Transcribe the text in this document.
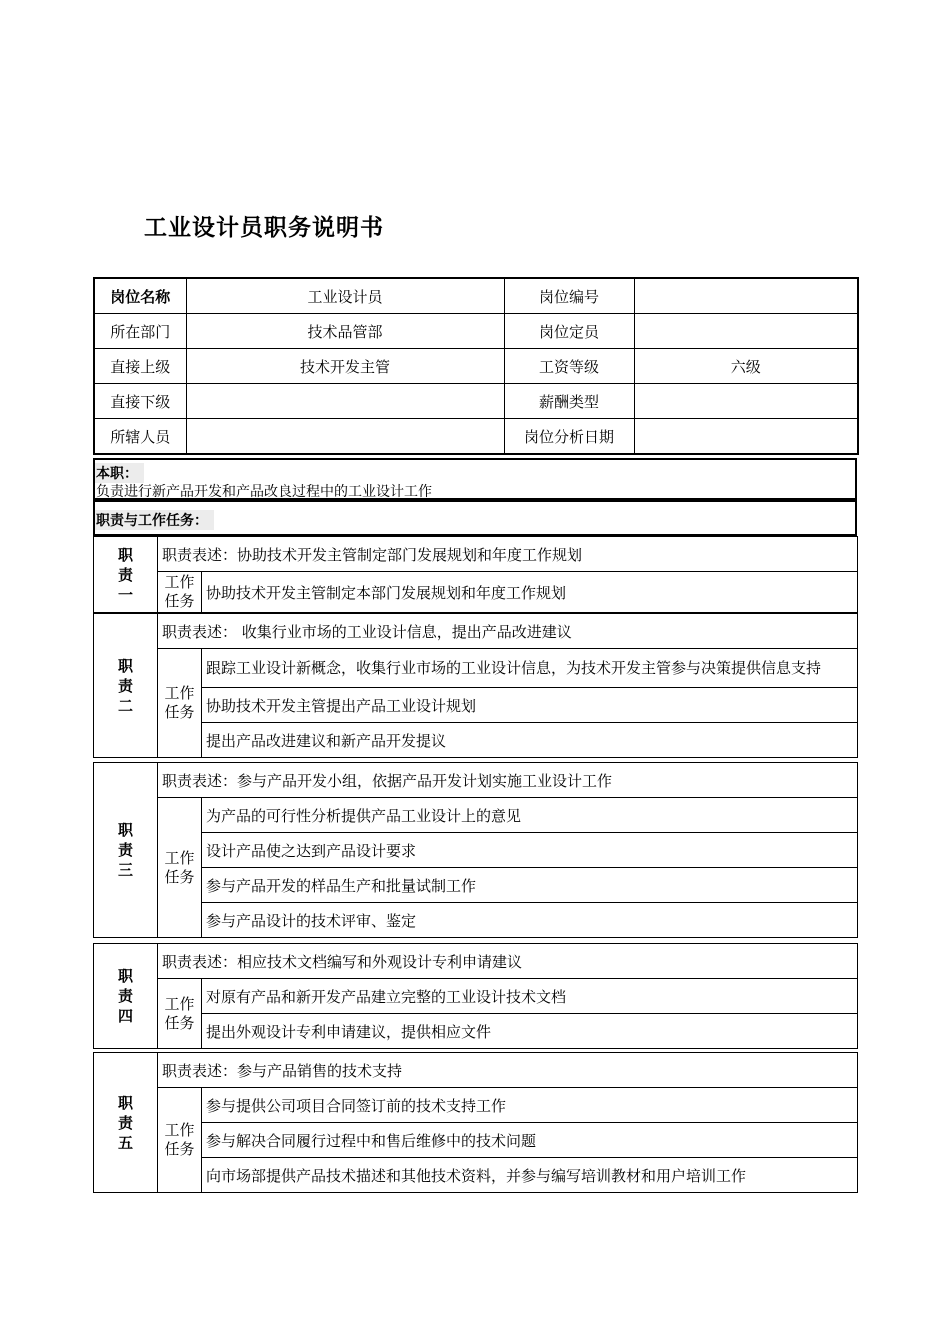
工业设计员职务说明书
岗位名称	工业设计员	岗位编号	
所在部门	技术品管部	岗位定员	
直接上级	技术开发主管	工资等级	六级
直接下级		薪酬类型	
所辖人员		岗位分析日期	
本职：
负责进行新产品开发和产品改良过程中的工业设计工作
职责与工作任务：
职
责
一	职责表述：协助技术开发主管制定部门发展规划和年度工作规划	
	工作
任务	协助技术开发主管制定本部门发展规划和年度工作规划
职
责
二	职责表述： 收集行业市场的工业设计信息，提出产品改进建议	
	工作
任务	跟踪工业设计新概念，收集行业市场的工业设计信息，为技术开发主管参与决策提供信息支持
		协助技术开发主管提出产品工业设计规划
		提出产品改进建议和新产品开发提议
职
责
三	职责表述：参与产品开发小组，依据产品开发计划实施工业设计工作	
	工作
任务	为产品的可行性分析提供产品工业设计上的意见
		设计产品使之达到产品设计要求
		参与产品开发的样品生产和批量试制工作
		参与产品设计的技术评审、鉴定
职
责
四	职责表述：相应技术文档编写和外观设计专利申请建议	
	工作
任务	对原有产品和新开发产品建立完整的工业设计技术文档
		提出外观设计专利申请建议，提供相应文件
职
责
五	职责表述：参与产品销售的技术支持	
	工作
任务	参与提供公司项目合同签订前的技术支持工作
		参与解决合同履行过程中和售后维修中的技术问题
		向市场部提供产品技术描述和其他技术资料，并参与编写培训教材和用户培训工作
